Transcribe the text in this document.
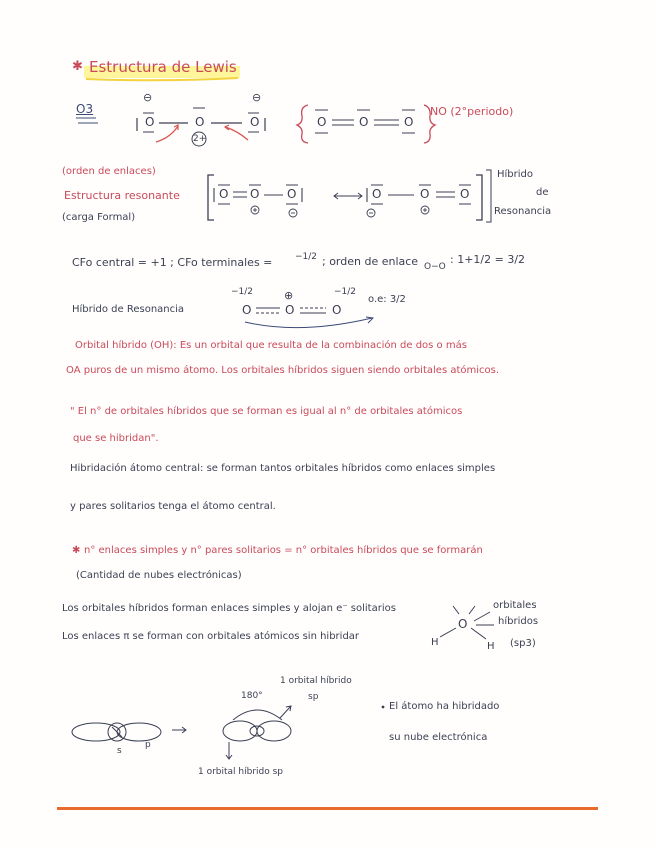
✱ Estructura de Lewis
O3
O	O	O
⊖	⊖
2+
O	O	O
NO (2°periodo)
(orden de enlaces)
Estructura resonante
(carga Formal)
O O O	O	O	O
Híbrido
de
Resonancia
CFo central = +1 ; CFo terminales =	−1/2 ; orden de enlace O−O
: 1+1/2 = 3/2
Híbrido de Resonancia
−1/2	−1/2
O	O	O
⊕	o.e: 3/2
Orbital híbrido (OH): Es un orbital que resulta de la combinación de dos o más
OA puros de un mismo átomo. Los orbitales híbridos siguen siendo orbitales atómicos.
" El n° de orbitales híbridos que se forman es igual al n° de orbitales atómicos
que se hibridan".
Hibridación átomo central: se forman tantos orbitales híbridos como enlaces simples
y pares solitarios tenga el átomo central.
✱ n° enlaces simples y n° pares solitarios = n° orbitales híbridos que se formarán
(Cantidad de nubes electrónicas)
Los orbitales híbridos forman enlaces simples y alojan e⁻ solitarios
Los enlaces π se forman con orbitales atómicos sin hibridar
O
H	H
orbitales
híbridos
(sp3)
s
p
180°
1 orbital híbrido
sp
1 orbital híbrido sp
El átomo ha hibridado
su nube electrónica
